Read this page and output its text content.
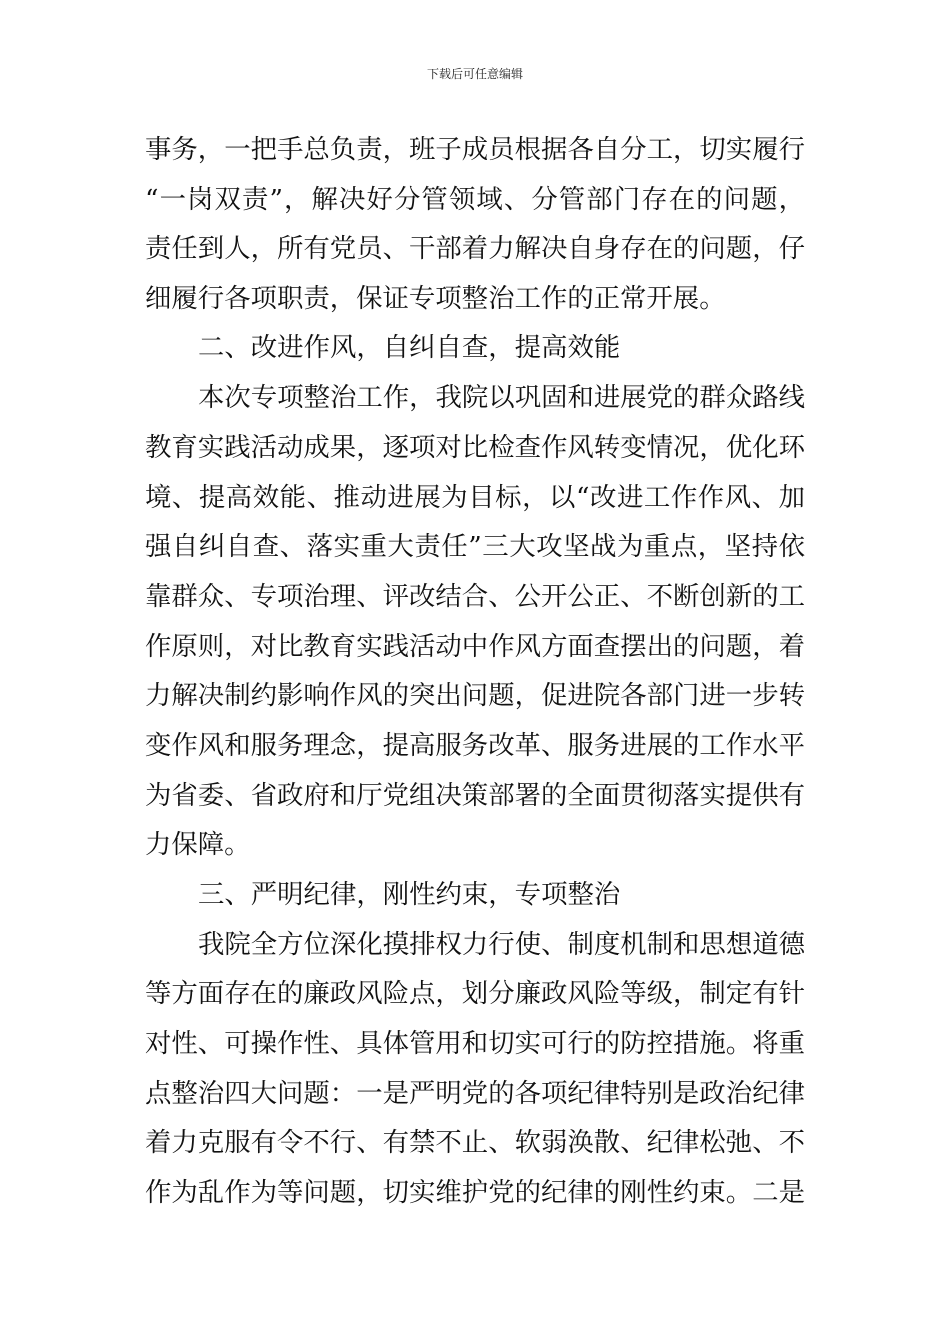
下载后可任意编辑
事务，一把手总负责，班子成员根据各自分工，切实履行
“一岗双责”，解决好分管领域、分管部门存在的问题，
责任到人，所有党员、干部着力解决自身存在的问题，仔
细履行各项职责，保证专项整治工作的正常开展。
二、改进作风，自纠自查，提高效能
本次专项整治工作，我院以巩固和进展党的群众路线
教育实践活动成果，逐项对比检查作风转变情况，优化环
境、提高效能、推动进展为目标，以“改进工作作风、加
强自纠自查、落实重大责任”三大攻坚战为重点，坚持依
靠群众、专项治理、评改结合、公开公正、不断创新的工
作原则，对比教育实践活动中作风方面查摆出的问题，着
力解决制约影响作风的突出问题，促进院各部门进一步转
变作风和服务理念，提高服务改革、服务进展的工作水平
为省委、省政府和厅党组决策部署的全面贯彻落实提供有
力保障。
三、严明纪律，刚性约束，专项整治
我院全方位深化摸排权力行使、制度机制和思想道德
等方面存在的廉政风险点，划分廉政风险等级，制定有针
对性、可操作性、具体管用和切实可行的防控措施。将重
点整治四大问题：一是严明党的各项纪律特别是政治纪律
着力克服有令不行、有禁不止、软弱涣散、纪律松弛、不
作为乱作为等问题，切实维护党的纪律的刚性约束。二是
